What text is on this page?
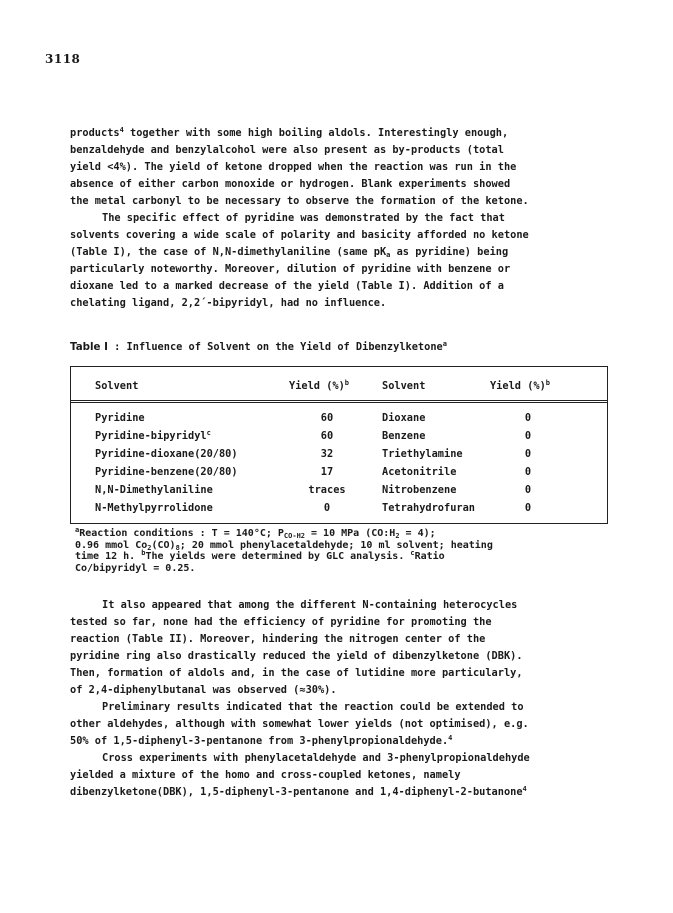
3118
products$^4$ together with some high boiling aldols. Interestingly enough,
benzaldehyde and benzylalcohol were also present as by-products (total
yield <4%). The yield of ketone dropped when the reaction was run in the
absence of either carbon monoxide or hydrogen. Blank experiments showed
the metal carbonyl to be necessary to observe the formation of the ketone.
The specific effect of pyridine was demonstrated by the fact that
solvents covering a wide scale of polarity and basicity afforded no ketone
(Table I), the case of N,N-dimethylaniline (same $pK_a$ as pyridine) being
particularly noteworthy. Moreover, dilution of pyridine with benzene or
dioxane led to a marked decrease of the yield (Table I). Addition of a
chelating ligand, 2,2´-bipyridyl, had no influence.
Table I : Influence of Solvent on the Yield of Dibenzylketone$^a$
Solvent	Yield (%)$^b$	Solvent	Yield (%)$^b$
Pyridine	60	Dioxane	0
Pyridine-bipyridyl$^c$	60	Benzene	0
Pyridine-dioxane(20/80)	32	Triethylamine	0
Pyridine-benzene(20/80)	17	Acetonitrile	0
N,N-Dimethylaniline	traces	Nitrobenzene	0
N-Methylpyrrolidone	0	Tetrahydrofuran	0
$^a$Reaction conditions : T = 140°C; $P_{CO-H2} = 10$ MPa $(CO:H_2 = 4)$;
0.96 mmol $Co_2(CO)_8$; 20 mmol phenylacetaldehyde; 10 ml solvent; heating
time 12 h. $^b$The yields were determined by GLC analysis. $^c$Ratio
Co/bipyridyl = 0.25.
It also appeared that among the different N-containing heterocycles
tested so far, none had the efficiency of pyridine for promoting the
reaction (Table II). Moreover, hindering the nitrogen center of the
pyridine ring also drastically reduced the yield of dibenzylketone (DBK).
Then, formation of aldols and, in the case of lutidine more particularly,
of 2,4-diphenylbutanal was observed (≈30%).
Preliminary results indicated that the reaction could be extended to
other aldehydes, although with somewhat lower yields (not optimised), e.g.
50% of 1,5-diphenyl-3-pentanone from 3-phenylpropionaldehyde.$^4$
Cross experiments with phenylacetaldehyde and 3-phenylpropionaldehyde
yielded a mixture of the homo and cross-coupled ketones, namely
dibenzylketone(DBK), 1,5-diphenyl-3-pentanone and 1,4-diphenyl-2-butanone$^4$
